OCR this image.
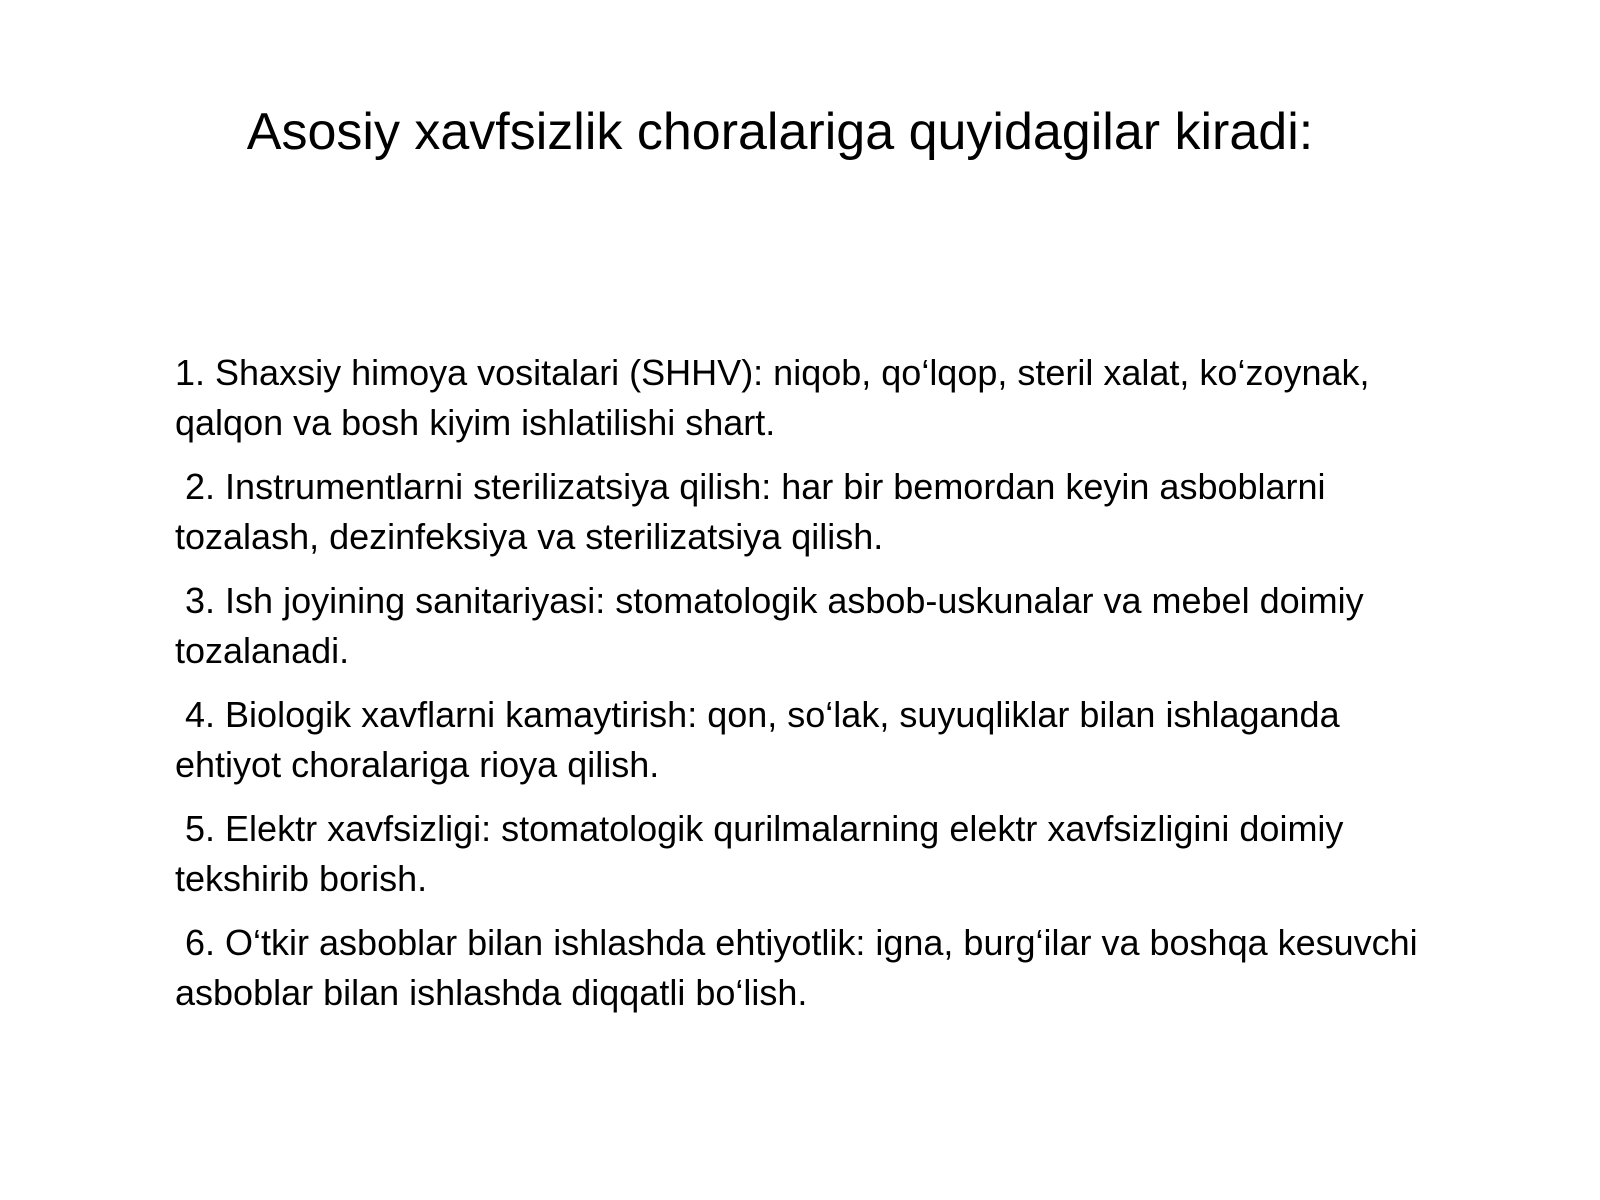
Asosiy xavfsizlik choralariga quyidagilar kiradi:

1. Shaxsiy himoya vositalari (SHHV): niqob, qo‘lqop, steril xalat, ko‘zoynak, qalqon va bosh kiyim ishlatilishi shart.

2. Instrumentlarni sterilizatsiya qilish: har bir bemordan keyin asboblarni tozalash, dezinfeksiya va sterilizatsiya qilish.

3. Ish joyining sanitariyasi: stomatologik asbob-uskunalar va mebel doimiy tozalanadi.

4. Biologik xavflarni kamaytirish: qon, so‘lak, suyuqliklar bilan ishlaganda ehtiyot choralariga rioya qilish.

5. Elektr xavfsizligi: stomatologik qurilmalarning elektr xavfsizligini doimiy tekshirib borish.

6. O‘tkir asboblar bilan ishlashda ehtiyotlik: igna, burg‘ilar va boshqa kesuvchi asboblar bilan ishlashda diqqatli bo‘lish.
